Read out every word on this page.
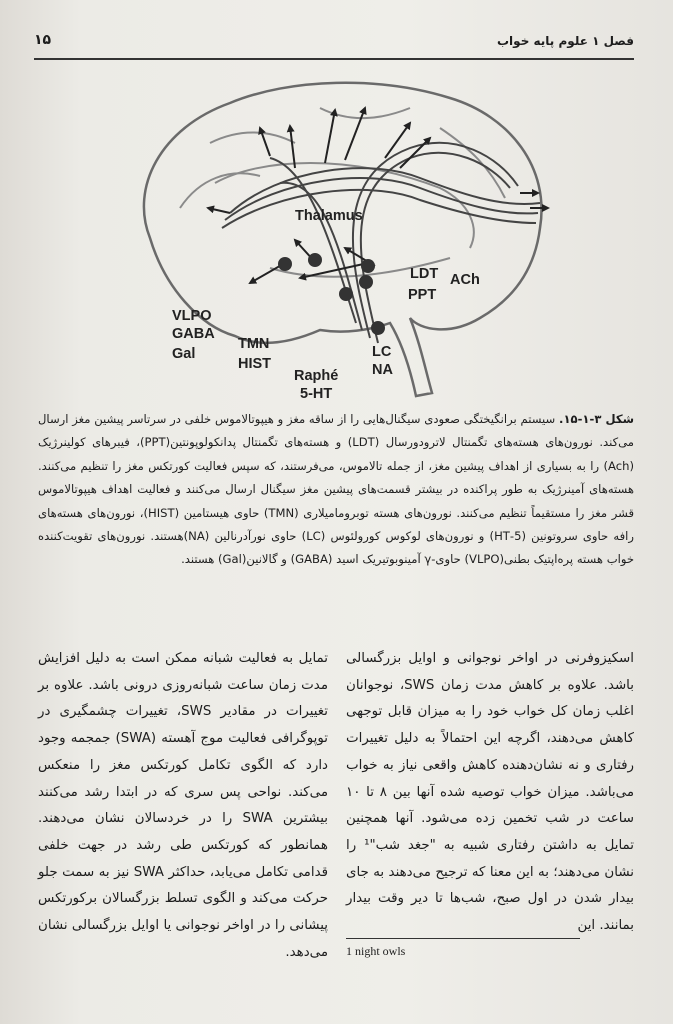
فصل ۱ علوم پایه خواب
۱۵
Thalamus
LDT ACh
PPT
VLPO
GABA
Gal
TMN
HIST
Raphé
5-HT
LC
NA
شکل ۳-۱-۱۵. سیستم برانگیختگی صعودی سیگنال‌هایی را از ساقه مغز و هیپوتالاموس خلفی در سرتاسر پیشین مغز ارسال می‌کند. نورون‌های هسته‌های تگمنتال لاترودورسال (LDT) و هسته‌های تگمنتال پدانکولوپونتین(PPT)، فیبرهای کولینرژیک (Ach) را به بسیاری از اهداف پیشین مغز، از جمله تالاموس، می‌فرستند، که سپس فعالیت کورتکس مغز را تنظیم می‌کنند. هسته‌های آمینرژیک به طور پراکنده در بیشتر قسمت‌های پیشین مغز سیگنال ارسال می‌کنند و فعالیت اهداف هیپوتالاموس قشر مغز را مستقیماً تنظیم می‌کنند. نورون‌های هسته توبرومامیلاری (TMN) حاوی هیستامین (HIST)، نورون‌های هسته‌های رافه حاوی سروتونین (5-HT) و نورون‌های لوکوس کورولئوس (LC) حاوی نورآدرنالین (NA)هستند. نورون‌های تقویت‌کننده خواب هسته پره‌اپتیک بطنی(VLPO) حاوی-γ آمینوبوتیریک اسید (GABA) و گالانین(Gal) هستند.
اسکیزوفرنی در اواخر نوجوانی و اوایل بزرگسالی باشد. علاوه بر کاهش مدت زمان SWS، نوجوانان اغلب زمان کل خواب خود را به میزان قابل توجهی کاهش می‌دهند، اگرچه این احتمالاً به دلیل تغییرات رفتاری و نه نشان‌دهنده کاهش واقعی نیاز به خواب می‌باشد. میزان خواب توصیه شده آنها بین ۸ تا ۱۰ ساعت در شب تخمین زده می‌شود. آنها همچنین تمایل به داشتن رفتاری شبیه به "جغد شب"¹ را نشان می‌دهند؛ به این معنا که ترجیح می‌دهند به جای بیدار شدن در اول صبح، شب‌ها تا دیر وقت بیدار بمانند. این
تمایل به فعالیت شبانه ممکن است به دلیل افزایش مدت زمان ساعت شبانه‌روزی درونی باشد. علاوه بر تغییرات در مقادیر SWS، تغییرات چشمگیری در توپوگرافی فعالیت موج آهسته (SWA) جمجمه وجود دارد که الگوی تکامل کورتکس مغز را منعکس می‌کند. نواحی پس سری که در ابتدا رشد می‌کنند بیشترین SWA را در خردسالان نشان می‌دهند. همانطور که کورتکس طی رشد در جهت خلفی قدامی تکامل می‌یابد، حداکثر SWA نیز به سمت جلو حرکت می‌کند و الگوی تسلط بزرگسالان برکورتکس پیشانی را در اواخر نوجوانی یا اوایل بزرگسالی نشان می‌دهد. 1 night owls
